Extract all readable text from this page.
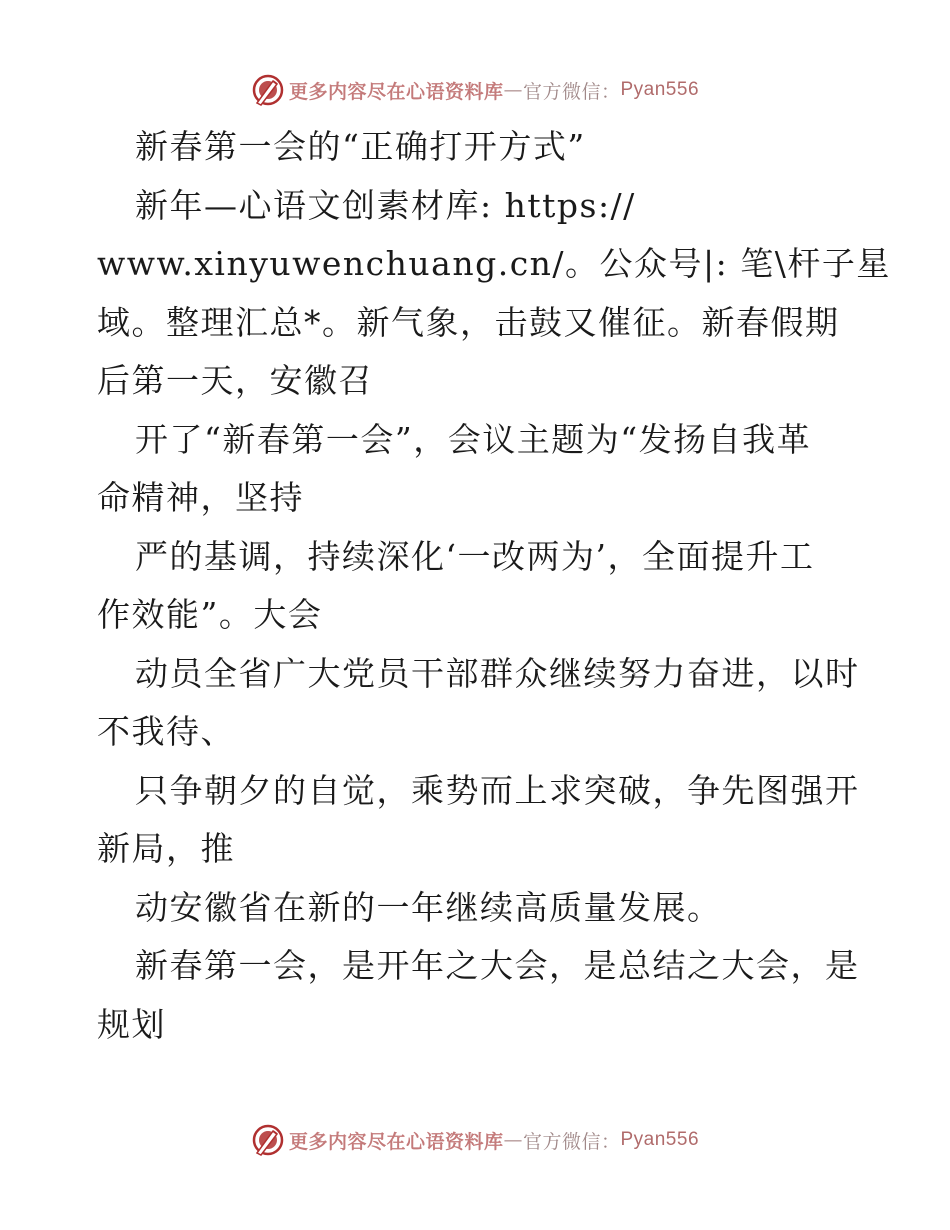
更多内容尽在心语资料库 — 官方微信： Pyan556
新春第一会的“正确打开方式”
新年—心语文创素材库: https://
www.xinyuwenchuang.cn/。公众号|: 笔\杆子星
域。整理汇总*。新气象，击鼓又催征。新春假期
后第一天，安徽召
开了“新春第一会”，会议主题为“发扬自我革
命精神，坚持
严的基调，持续深化‘一改两为’，全面提升工
作效能”。大会
动员全省广大党员干部群众继续努力奋进，以时
不我待、
只争朝夕的自觉，乘势而上求突破，争先图强开
新局，推
动安徽省在新的一年继续高质量发展。
新春第一会，是开年之大会，是总结之大会，是
规划
更多内容尽在心语资料库 — 官方微信： Pyan556
